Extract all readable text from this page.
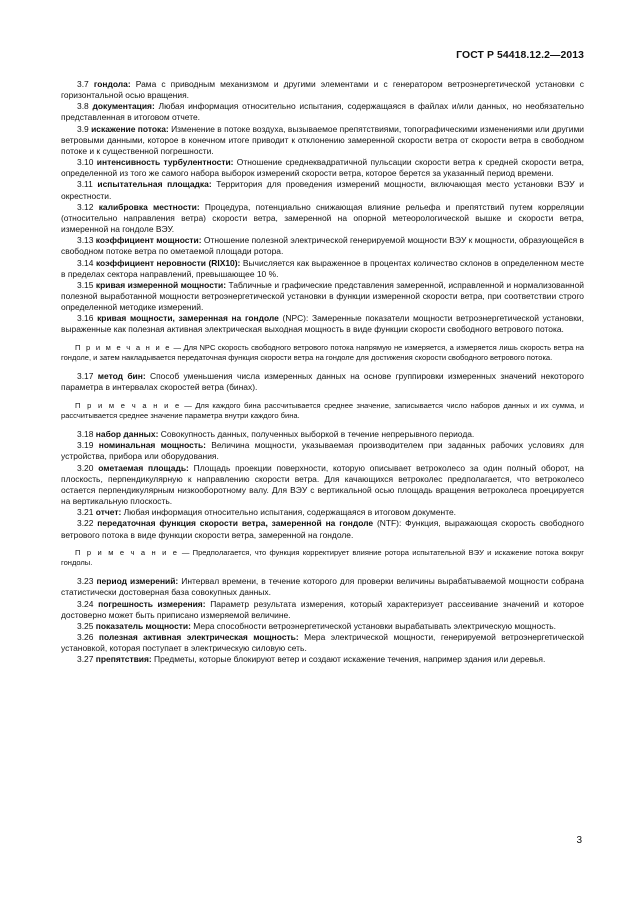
ГОСТ Р 54418.12.2—2013

3.7 гондола: Рама с приводным механизмом и другими элементами и с генератором ветроэнергетической установки с горизонтальной осью вращения.

3.8 документация: Любая информация относительно испытания, содержащаяся в файлах и/или данных, но необязательно представленная в итоговом отчете.

3.9 искажение потока: Изменение в потоке воздуха, вызываемое препятствиями, топографическими изменениями или другими ветровыми данными, которое в конечном итоге приводит к отклонению замеренной скорости ветра от скорости ветра в свободном потоке и к существенной погрешности.

3.10 интенсивность турбулентности: Отношение среднеквадратичной пульсации скорости ветра к средней скорости ветра, определенной из того же самого набора выборок измерений скорости ветра, которое берется за указанный период времени.

3.11 испытательная площадка: Территория для проведения измерений мощности, включающая место установки ВЭУ и окрестности.

3.12 калибровка местности: Процедура, потенциально снижающая влияние рельефа и препятствий путем корреляции (относительно направления ветра) скорости ветра, замеренной на опорной метеорологической вышке и скорости ветра, измеренной на гондоле ВЭУ.

3.13 коэффициент мощности: Отношение полезной электрической генерируемой мощности ВЭУ к мощности, образующейся в свободном потоке ветра по ометаемой площади ротора.

3.14 коэффициент неровности (RIX10): Вычисляется как выраженное в процентах количество склонов в определенном месте в пределах сектора направлений, превышающее 10 %.

3.15 кривая измеренной мощности: Табличные и графические представления замеренной, исправленной и нормализованной полезной выработанной мощности ветроэнергетической установки в функции измеренной скорости ветра, при соответствии строго определенной методике измерений.

3.16 кривая мощности, замеренная на гондоле (NPC): Замеренные показатели мощности ветроэнергетической установки, выраженные как полезная активная электрическая выходная мощность в виде функции скорости свободного ветрового потока.

П р и м е ч а н и е — Для NPC скорость свободного ветрового потока напрямую не измеряется, а измеряется лишь скорость ветра на гондоле, и затем накладывается передаточная функция скорости ветра на гондоле для достижения скорости свободного ветрового потока.

3.17 метод бин: Способ уменьшения числа измеренных данных на основе группировки измеренных значений некоторого параметра в интервалах скоростей ветра (бинах).

П р и м е ч а н и е — Для каждого бина рассчитывается среднее значение, записывается число наборов данных и их сумма, и рассчитывается среднее значение параметра внутри каждого бина.

3.18 набор данных: Совокупность данных, полученных выборкой в течение непрерывного периода.

3.19 номинальная мощность: Величина мощности, указываемая производителем при заданных рабочих условиях для устройства, прибора или оборудования.

3.20 ометаемая площадь: Площадь проекции поверхности, которую описывает ветроколесо за один полный оборот, на плоскость, перпендикулярную к направлению скорости ветра. Для качающихся ветроколес предполагается, что ветроколесо остается перпендикулярным низкооборотному валу. Для ВЭУ с вертикальной осью площадь вращения ветроколеса проецируется на вертикальную плоскость.

3.21 отчет: Любая информация относительно испытания, содержащаяся в итоговом документе.

3.22 передаточная функция скорости ветра, замеренной на гондоле (NTF): Функция, выражающая скорость свободного ветрового потока в виде функции скорости ветра, замеренной на гондоле.

П р и м е ч а н и е — Предполагается, что функция корректирует влияние ротора испытательной ВЭУ и искажение потока вокруг гондолы.

3.23 период измерений: Интервал времени, в течение которого для проверки величины вырабатываемой мощности собрана статистически достоверная база совокупных данных.

3.24 погрешность измерения: Параметр результата измерения, который характеризует рассеивание значений и которое достоверно может быть приписано измеряемой величине.

3.25 показатель мощности: Мера способности ветроэнергетической установки вырабатывать электрическую мощность.

3.26 полезная активная электрическая мощность: Мера электрической мощности, генерируемой ветроэнергетической установкой, которая поступает в электрическую силовую сеть.

3.27 препятствия: Предметы, которые блокируют ветер и создают искажение течения, например здания или деревья.

3
